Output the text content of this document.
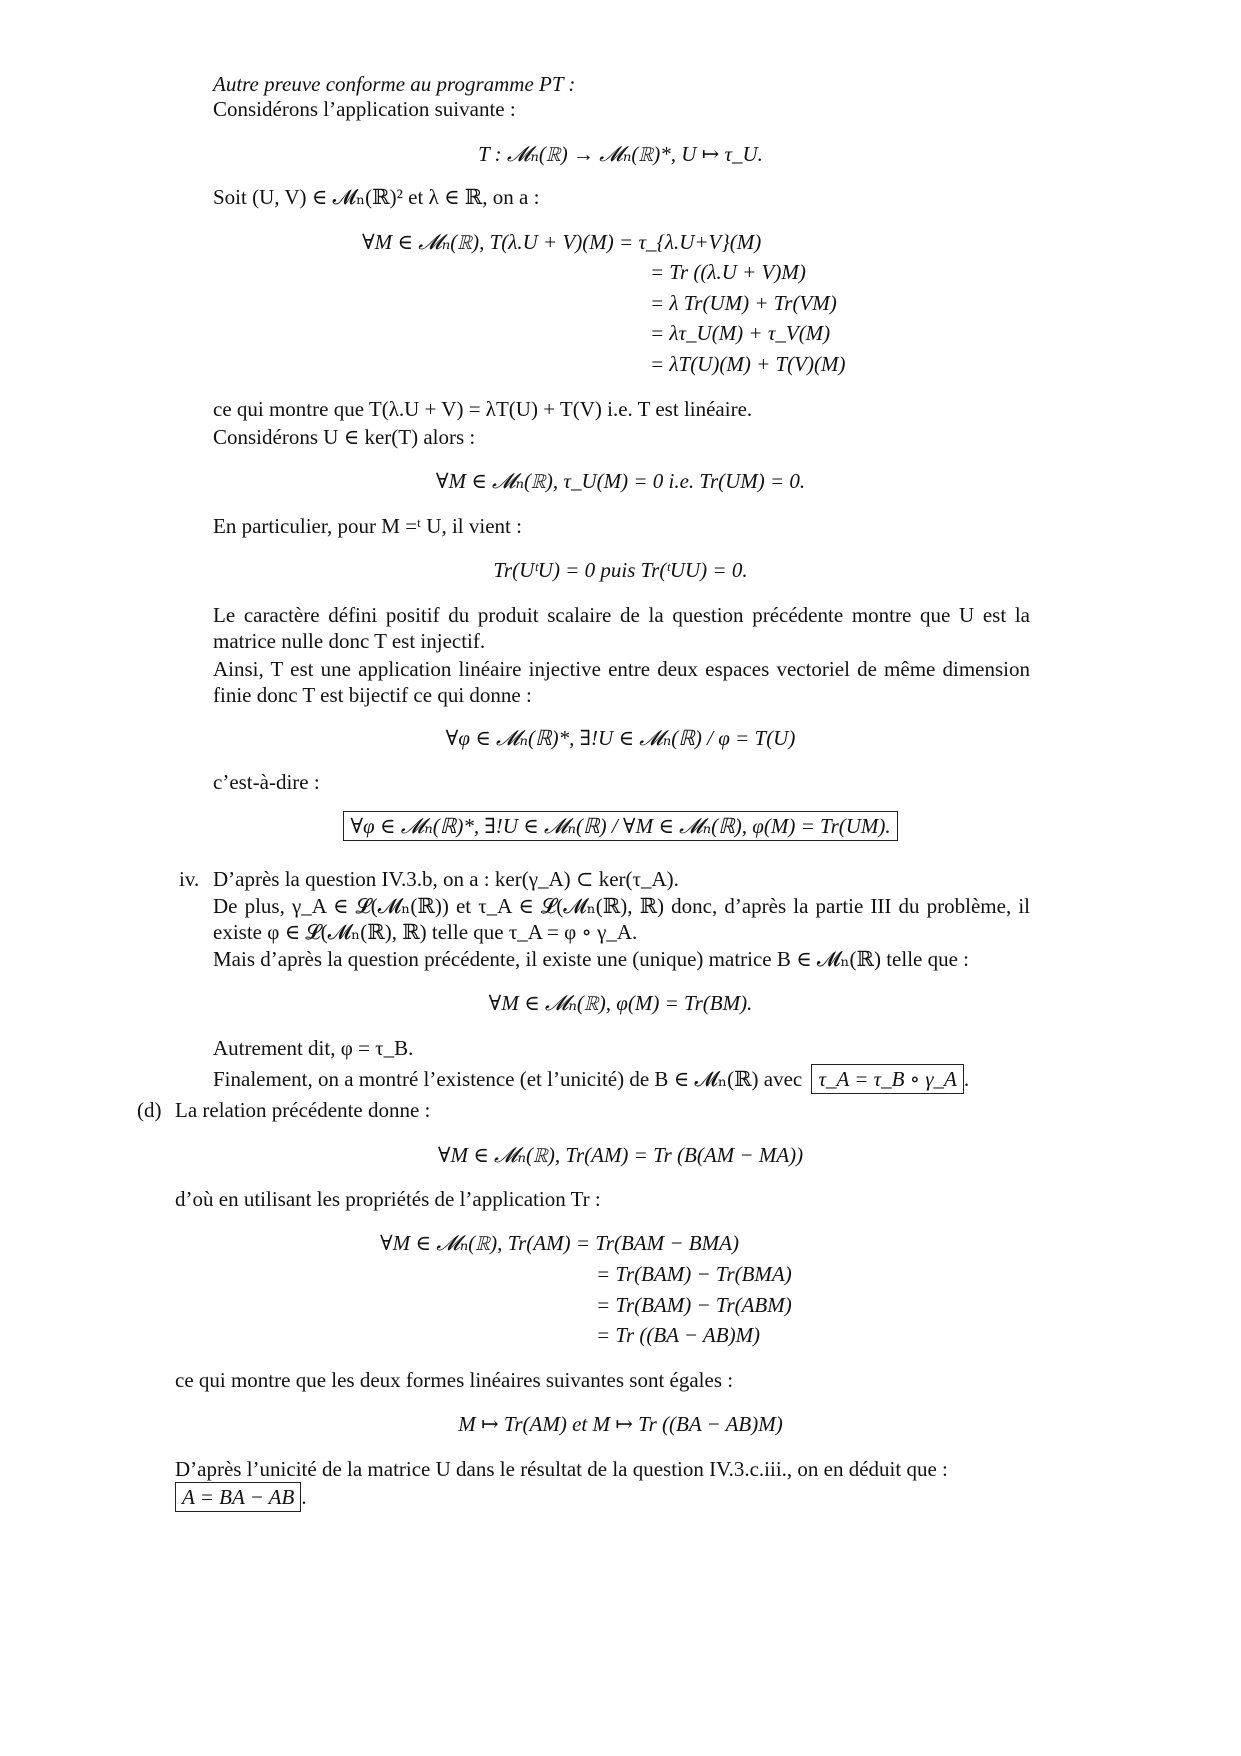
Autre preuve conforme au programme PT :
Considérons l’application suivante :
T : 𝓜ₙ(ℝ) → 𝓜ₙ(ℝ)*, U ↦ τ_U.
Soit (U, V) ∈ 𝓜ₙ(ℝ)² et λ ∈ ℝ, on a :
∀M ∈ 𝓜ₙ(ℝ), T(λ.U + V)(M) = τ_{λ.U+V}(M)
= Tr ((λ.U + V)M)
= λ Tr(UM) + Tr(VM)
= λτ_U(M) + τ_V(M)
= λT(U)(M) + T(V)(M)
ce qui montre que T(λ.U + V) = λT(U) + T(V) i.e. T est linéaire.
Considérons U ∈ ker(T) alors :
∀M ∈ 𝓜ₙ(ℝ), τ_U(M) = 0 i.e. Tr(UM) = 0.
En particulier, pour M =ᵗ U, il vient :
Tr(UᵗU) = 0 puis Tr(ᵗUU) = 0.
Le caractère défini positif du produit scalaire de la question précédente montre que U est la matrice nulle donc T est injectif.
Ainsi, T est une application linéaire injective entre deux espaces vectoriel de même dimension finie donc T est bijectif ce qui donne :
∀φ ∈ 𝓜ₙ(ℝ)*, ∃!U ∈ 𝓜ₙ(ℝ) / φ = T(U)
c’est-à-dire :
∀φ ∈ 𝓜ₙ(ℝ)*, ∃!U ∈ 𝓜ₙ(ℝ) / ∀M ∈ 𝓜ₙ(ℝ), φ(M) = Tr(UM).
iv. D’après la question IV.3.b, on a : ker(γ_A) ⊂ ker(τ_A).
De plus, γ_A ∈ 𝓛(𝓜ₙ(ℝ)) et τ_A ∈ 𝓛(𝓜ₙ(ℝ), ℝ) donc, d’après la partie III du problème, il existe φ ∈ 𝓛(𝓜ₙ(ℝ), ℝ) telle que τ_A = φ ∘ γ_A.
Mais d’après la question précédente, il existe une (unique) matrice B ∈ 𝓜ₙ(ℝ) telle que :
∀M ∈ 𝓜ₙ(ℝ), φ(M) = Tr(BM).
Autrement dit, φ = τ_B.
Finalement, on a montré l’existence (et l’unicité) de B ∈ 𝓜ₙ(ℝ) avec τ_A = τ_B ∘ γ_A .
(d) La relation précédente donne :
∀M ∈ 𝓜ₙ(ℝ), Tr(AM) = Tr (B(AM − MA))
d’où en utilisant les propriétés de l’application Tr :
∀M ∈ 𝓜ₙ(ℝ), Tr(AM) = Tr(BAM − BMA)
= Tr(BAM) − Tr(BMA)
= Tr(BAM) − Tr(ABM)
= Tr ((BA − AB)M)
ce qui montre que les deux formes linéaires suivantes sont égales :
M ↦ Tr(AM) et M ↦ Tr ((BA − AB)M)
D’après l’unicité de la matrice U dans le résultat de la question IV.3.c.iii., on en déduit que :
A = BA − AB .
